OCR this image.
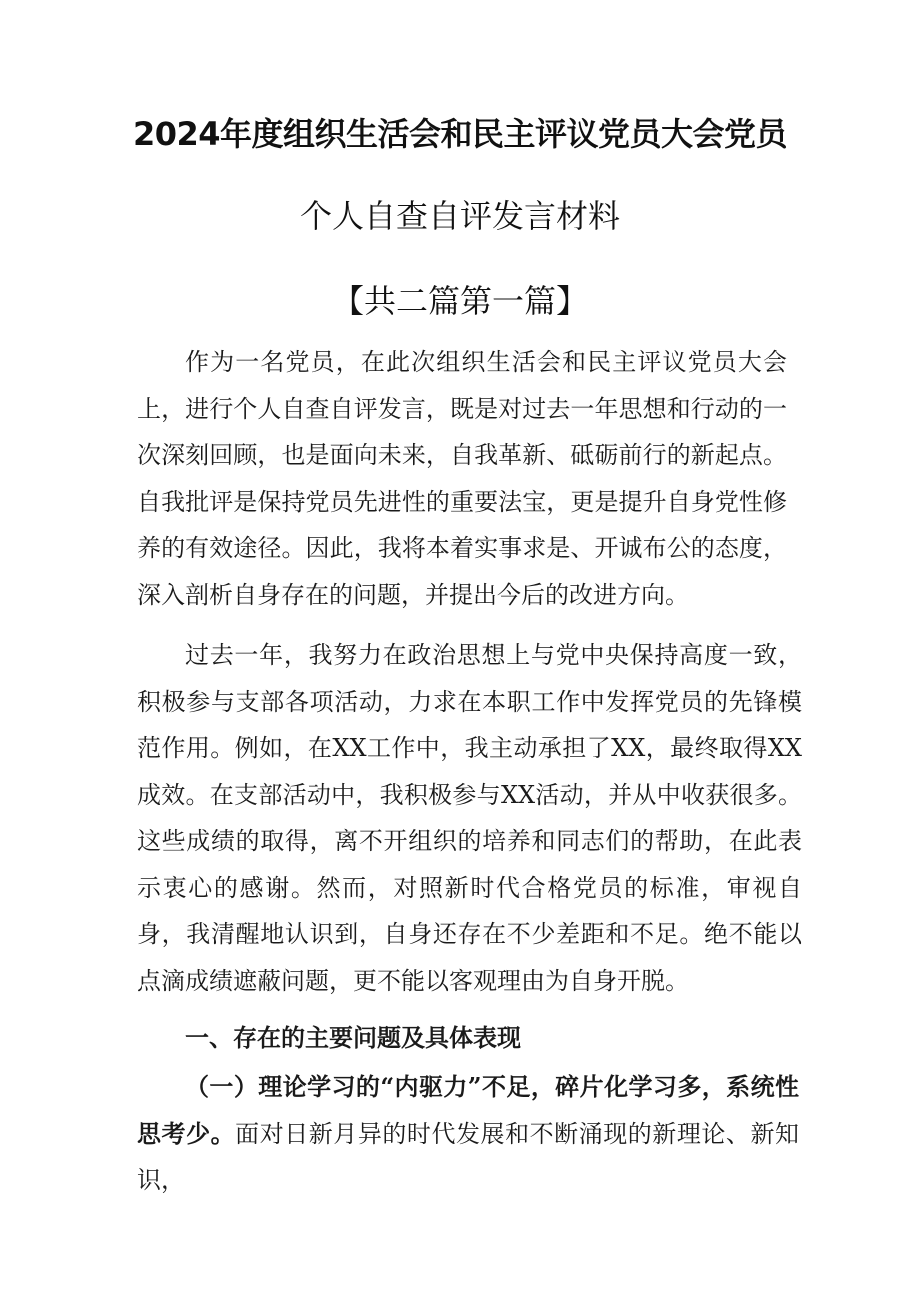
2024年度组织生活会和民主评议党员大会党员
个人自查自评发言材料
【共二篇第一篇】

作为一名党员，在此次组织生活会和民主评议党员大会上，进行个人自查自评发言，既是对过去一年思想和行动的一次深刻回顾，也是面向未来，自我革新、砥砺前行的新起点。自我批评是保持党员先进性的重要法宝，更是提升自身党性修养的有效途径。因此，我将本着实事求是、开诚布公的态度，深入剖析自身存在的问题，并提出今后的改进方向。

过去一年，我努力在政治思想上与党中央保持高度一致，积极参与支部各项活动，力求在本职工作中发挥党员的先锋模范作用。例如，在XX工作中，我主动承担了XX，最终取得XX成效。在支部活动中，我积极参与XX活动，并从中收获很多。这些成绩的取得，离不开组织的培养和同志们的帮助，在此表示衷心的感谢。然而，对照新时代合格党员的标准，审视自身，我清醒地认识到，自身还存在不少差距和不足。绝不能以点滴成绩遮蔽问题，更不能以客观理由为自身开脱。

一、存在的主要问题及具体表现

（一）理论学习的“内驱力”不足，碎片化学习多，系统性思考少。面对日新月异的时代发展和不断涌现的新理论、新知识，
